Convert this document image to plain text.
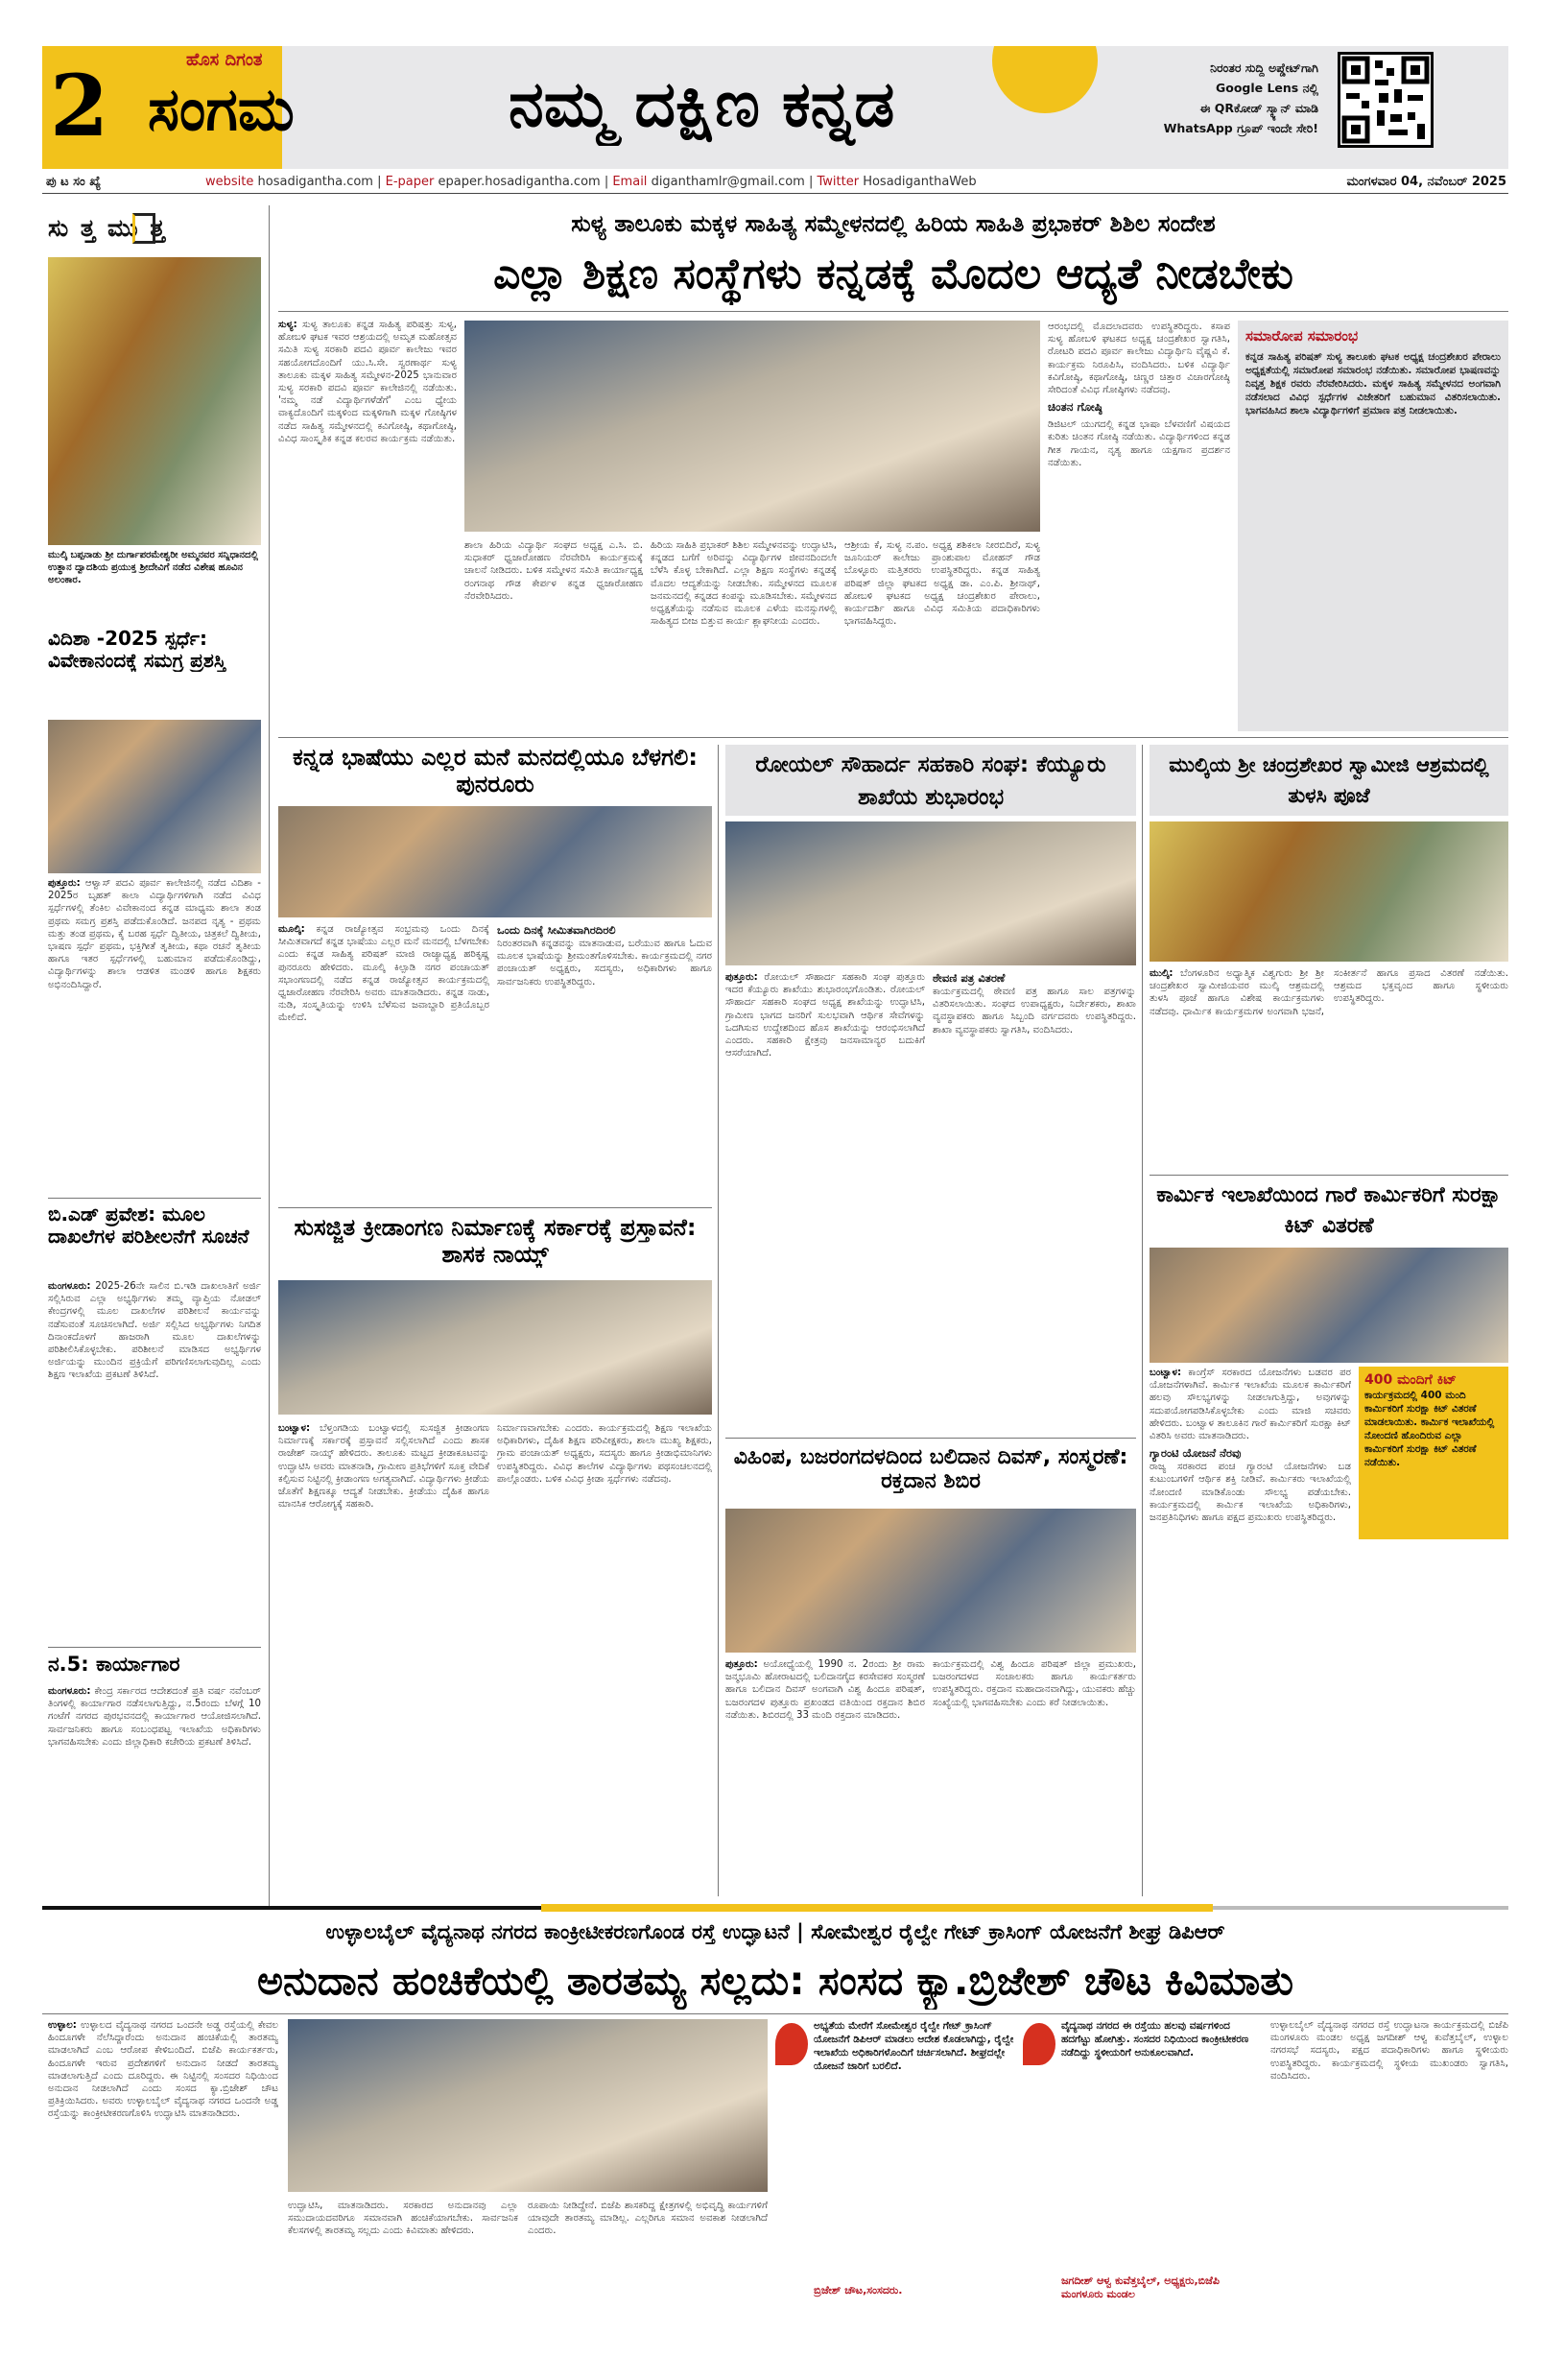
2	ಹೊಸ ದಿಗಂತ
ಸಂಗಮ	ನಮ್ಮ ದಕ್ಷಿಣ ಕನ್ನಡ	ನಿರಂತರ ಸುದ್ದಿ ಅಪ್ಡೇಟ್‌ಗಾಗಿ
Google Lens ನಲ್ಲಿ
ಈ QRಕೋಡ್ ಸ್ಕ್ಯಾನ್ ಮಾಡಿ
WhatsApp ಗ್ರೂಪ್ ಇಂದೇ ಸೇರಿ!
ಪು ಟ ಸಂ ಖ್ಯೆ	website hosadigantha.com | E-paper epaper.hosadigantha.com | Email diganthamlr@gmail.com | Twitter HosadiganthaWeb	ಮಂಗಳವಾರ 04, ನವೆಂಬರ್ 2025
ಸು ತ್ತ ಮು ತ್ತ
ಮುಲ್ಕಿ ಬಪ್ಪನಾಡು ಶ್ರೀ ದುರ್ಗಾಪರಮೇಶ್ವರೀ ಅಮ್ಮನವರ ಸನ್ನಿಧಾನದಲ್ಲಿ ಉತ್ಥಾನ ದ್ವಾದಶಿಯ ಪ್ರಯುಕ್ತ ಶ್ರೀದೇವಿಗೆ ನಡೆದ ವಿಶೇಷ ಹೂವಿನ ಅಲಂಕಾರ.
ವಿದಿಶಾ -2025 ಸ್ಪರ್ಧೆ: ವಿವೇಕಾನಂದಕ್ಕೆ ಸಮಗ್ರ ಪ್ರಶಸ್ತಿ
ಪುತ್ತೂರು: ಆಳ್ವಾಸ್ ಪದವಿ ಪೂರ್ವ ಕಾಲೇಜಿನಲ್ಲಿ ನಡೆದ ವಿದಿಶಾ - 2025ರ ಬೃಹತ್ ಕಾಲಾ ವಿದ್ಯಾರ್ಥಿಗಳಿಗಾಗಿ ನಡೆದ ವಿವಿಧ ಸ್ಪರ್ಧೆಗಳಲ್ಲಿ ತೆಂಕಿಲ ವಿವೇಕಾನಂದ ಕನ್ನಡ ಮಾಧ್ಯಮ ಶಾಲಾ ತಂಡ ಪ್ರಥಮ ಸಮಗ್ರ ಪ್ರಶಸ್ತಿ ಪಡೆದುಕೊಂಡಿದೆ. ಜನಪದ ನೃತ್ಯ - ಪ್ರಥಮ ಮತ್ತು ತಂಡ ಪ್ರಥಮ, ಕೈ ಬರಹ ಸ್ಪರ್ಧೆ ದ್ವಿತೀಯ, ಚಿತ್ರಕಲೆ ದ್ವಿತೀಯ, ಭಾಷಣ ಸ್ಪರ್ಧೆ ಪ್ರಥಮ, ಭಕ್ತಿಗೀತೆ ತೃತೀಯ, ಕಥಾ ರಚನೆ ತೃತೀಯ ಹಾಗೂ ಇತರ ಸ್ಪರ್ಧೆಗಳಲ್ಲಿ ಬಹುಮಾನ ಪಡೆದುಕೊಂಡಿದ್ದು, ವಿದ್ಯಾರ್ಥಿಗಳನ್ನು ಶಾಲಾ ಆಡಳಿತ ಮಂಡಳಿ ಹಾಗೂ ಶಿಕ್ಷಕರು ಅಭಿನಂದಿಸಿದ್ದಾರೆ.
ಬಿ.ಎಡ್ ಪ್ರವೇಶ: ಮೂಲ ದಾಖಲೆಗಳ ಪರಿಶೀಲನೆಗೆ ಸೂಚನೆ
ಮಂಗಳೂರು: 2025-26ನೇ ಸಾಲಿನ ಬಿ.ಇಡಿ ದಾಖಲಾತಿಗೆ ಅರ್ಜಿ ಸಲ್ಲಿಸಿರುವ ಎಲ್ಲಾ ಅಭ್ಯರ್ಥಿಗಳು ತಮ್ಮ ವ್ಯಾಪ್ತಿಯ ನೋಡಲ್ ಕೇಂದ್ರಗಳಲ್ಲಿ ಮೂಲ ದಾಖಲೆಗಳ ಪರಿಶೀಲನೆ ಕಾರ್ಯವನ್ನು ನಡೆಸುವಂತೆ ಸೂಚಿಸಲಾಗಿದೆ. ಅರ್ಜಿ ಸಲ್ಲಿಸಿದ ಅಭ್ಯರ್ಥಿಗಳು ನಿಗದಿತ ದಿನಾಂಕದೊಳಗೆ ಹಾಜರಾಗಿ ಮೂಲ ದಾಖಲೆಗಳನ್ನು ಪರಿಶೀಲಿಸಿಕೊಳ್ಳಬೇಕು. ಪರಿಶೀಲನೆ ಮಾಡಿಸದ ಅಭ್ಯರ್ಥಿಗಳ ಅರ್ಜಿಯನ್ನು ಮುಂದಿನ ಪ್ರಕ್ರಿಯೆಗೆ ಪರಿಗಣಿಸಲಾಗುವುದಿಲ್ಲ ಎಂದು ಶಿಕ್ಷಣ ಇಲಾಖೆಯ ಪ್ರಕಟಣೆ ತಿಳಿಸಿದೆ.
ನ.5: ಕಾರ್ಯಾಗಾರ
ಮಂಗಳೂರು: ಕೇಂದ್ರ ಸರ್ಕಾರದ ಆದೇಶದಂತೆ ಪ್ರತಿ ವರ್ಷ ನವೆಂಬರ್ ತಿಂಗಳಲ್ಲಿ ಕಾರ್ಯಾಗಾರ ನಡೆಸಲಾಗುತ್ತಿದ್ದು, ನ.5ರಂದು ಬೆಳಗ್ಗೆ 10 ಗಂಟೆಗೆ ನಗರದ ಪುರಭವನದಲ್ಲಿ ಕಾರ್ಯಾಗಾರ ಆಯೋಜಿಸಲಾಗಿದೆ. ಸಾರ್ವಜನಿಕರು ಹಾಗೂ ಸಂಬಂಧಪಟ್ಟ ಇಲಾಖೆಯ ಅಧಿಕಾರಿಗಳು ಭಾಗವಹಿಸಬೇಕು ಎಂದು ಜಿಲ್ಲಾಧಿಕಾರಿ ಕಚೇರಿಯ ಪ್ರಕಟಣೆ ತಿಳಿಸಿದೆ.
ಸುಳ್ಯ ತಾಲೂಕು ಮಕ್ಕಳ ಸಾಹಿತ್ಯ ಸಮ್ಮೇಳನದಲ್ಲಿ ಹಿರಿಯ ಸಾಹಿತಿ ಪ್ರಭಾಕರ್ ಶಿಶಿಲ ಸಂದೇಶ
ಎಲ್ಲಾ ಶಿಕ್ಷಣ ಸಂಸ್ಥೆಗಳು ಕನ್ನಡಕ್ಕೆ ಮೊದಲ ಆದ್ಯತೆ ನೀಡಬೇಕು
ಸುಳ್ಯ: ಸುಳ್ಯ ತಾಲೂಕು ಕನ್ನಡ ಸಾಹಿತ್ಯ ಪರಿಷತ್ತು ಸುಳ್ಯ, ಹೋಬಳಿ ಘಟಕ ಇವರ ಆಶ್ರಯದಲ್ಲಿ ಅಮೃತ ಮಹೋತ್ಸವ ಸಮಿತಿ ಸುಳ್ಯ ಸರಕಾರಿ ಪದವಿ ಪೂರ್ವ ಕಾಲೇಜು ಇವರ ಸಹಯೋಗದೊಂದಿಗೆ ಯು.ಸಿ.ಸೇ. ಸ್ವರಣಾರ್ಥ ಸುಳ್ಯ ತಾಲೂಕು ಮಕ್ಕಳ ಸಾಹಿತ್ಯ ಸಮ್ಮೇಳನ-2025 ಭಾನುವಾರ ಸುಳ್ಯ ಸರಕಾರಿ ಪದವಿ ಪೂರ್ವ ಕಾಲೇಜಿನಲ್ಲಿ ನಡೆಯಿತು. 'ನಮ್ಮ ನಡೆ ವಿದ್ಯಾರ್ಥಿಗಳೆಡೆಗೆ' ಎಂಬ ಧ್ಯೇಯ ವಾಕ್ಯದೊಂದಿಗೆ ಮಕ್ಕಳಿಂದ ಮಕ್ಕಳಿಗಾಗಿ ಮಕ್ಕಳ ಗೋಷ್ಠಿಗಳ ನಡೆದ ಸಾಹಿತ್ಯ ಸಮ್ಮೇಳನದಲ್ಲಿ ಕವಿಗೋಷ್ಠಿ, ಕಥಾಗೋಷ್ಠಿ, ವಿವಿಧ ಸಾಂಸ್ಕೃತಿಕ ಕನ್ನಡ ಕಲರವ ಕಾರ್ಯಕ್ರಮ ನಡೆಯಿತು.
ಶಾಲಾ ಹಿರಿಯ ವಿದ್ಯಾರ್ಥಿ ಸಂಘದ ಅಧ್ಯಕ್ಷ ಎ.ಸಿ. ಬಿ. ಸುಧಾಕರ್ ಧ್ವಜಾರೋಹಣ ನೆರವೇರಿಸಿ ಕಾರ್ಯಕ್ರಮಕ್ಕೆ ಚಾಲನೆ ನೀಡಿದರು. ಬಳಿಕ ಸಮ್ಮೇಳನ ಸಮಿತಿ ಕಾರ್ಯಾಧ್ಯಕ್ಷ ರಂಗನಾಥ ಗೌಡ ಕೇರ್ಪಳ ಕನ್ನಡ ಧ್ವಜಾರೋಹಣ ನೆರವೇರಿಸಿದರು.
ಹಿರಿಯ ಸಾಹಿತಿ ಪ್ರಭಾಕರ್ ಶಿಶಿಲ ಸಮ್ಮೇಳನವನ್ನು ಉದ್ಘಾಟಿಸಿ, ಕನ್ನಡದ ಬಗೆಗೆ ಅರಿವನ್ನು ವಿದ್ಯಾರ್ಥಿಗಳ ಜೀವನದಿಂದಲೇ ಬೆಳೆಸಿ ಕೊಳ್ಳ ಬೇಕಾಗಿದೆ. ಎಲ್ಲಾ ಶಿಕ್ಷಣ ಸಂಸ್ಥೆಗಳು ಕನ್ನಡಕ್ಕೆ ಮೊದಲ ಆದ್ಯತೆಯನ್ನು ನೀಡಬೇಕು. ಸಮ್ಮೇಳನದ ಮೂಲಕ ಜನಮನದಲ್ಲಿ ಕನ್ನಡದ ಕಂಪನ್ನು ಮೂಡಿಸಬೇಕು. ಸಮ್ಮೇಳನದ ಅಧ್ಯಕ್ಷತೆಯನ್ನು ನಡೆಸುವ ಮೂಲಕ ಎಳೆಯ ಮನಸ್ಸುಗಳಲ್ಲಿ ಸಾಹಿತ್ಯದ ಬೀಜ ಬಿತ್ತುವ ಕಾರ್ಯ ಶ್ಲಾಘನೀಯ ಎಂದರು.
ಆಶ್ರೀಯ ಕೆ, ಸುಳ್ಯ ನ.ಪಂ. ಅಧ್ಯಕ್ಷ ಶಶಿಕಲಾ ನೀರಬಿದಿರೆ, ಸುಳ್ಯ ಜೂನಿಯರ್ ಕಾಲೇಜು ಪ್ರಾಂಶುಪಾಲ ಮೋಹನ್ ಗೌಡ ಬೊಳ್ಳೂರು ಮತ್ತಿತರರು ಉಪಸ್ಥಿತರಿದ್ದರು. ಕನ್ನಡ ಸಾಹಿತ್ಯ ಪರಿಷತ್ ಜಿಲ್ಲಾ ಘಟಕದ ಅಧ್ಯಕ್ಷ ಡಾ. ಎಂ.ಪಿ. ಶ್ರೀನಾಥ್, ಹೋಬಳಿ ಘಟಕದ ಅಧ್ಯಕ್ಷ ಚಂದ್ರಶೇಖರ ಪೇರಾಲು, ಕಾರ್ಯದರ್ಶಿ ಹಾಗೂ ವಿವಿಧ ಸಮಿತಿಯ ಪದಾಧಿಕಾರಿಗಳು ಭಾಗವಹಿಸಿದ್ದರು.
ಆರಂಭದಲ್ಲಿ ಮೊದಲಾದವರು ಉಪಸ್ಥಿತರಿದ್ದರು. ಕಸಾಪ ಸುಳ್ಯ ಹೋಬಳಿ ಘಟಕದ ಅಧ್ಯಕ್ಷ ಚಂದ್ರಶೇಖರ ಸ್ವಾಗತಿಸಿ, ರೋಟರಿ ಪದವಿ ಪೂರ್ವ ಕಾಲೇಜು ವಿದ್ಯಾರ್ಥಿನಿ ವೈಷ್ಣವಿ ಕೆ. ಕಾರ್ಯಕ್ರಮ ನಿರೂಪಿಸಿ, ವಂದಿಸಿದರು. ಬಳಿಕ ವಿದ್ಯಾರ್ಥಿ ಕವಿಗೋಷ್ಠಿ, ಕಥಾಗೋಷ್ಠಿ, ಚಿಣ್ಣರ ಚಿತ್ತಾರ ವಿಚಾರಗೋಷ್ಠಿ ಸೇರಿದಂತೆ ವಿವಿಧ ಗೋಷ್ಠಿಗಳು ನಡೆದವು.
ಚಿಂತನ ಗೋಷ್ಠಿ
ಡಿಜಿಟಲ್ ಯುಗದಲ್ಲಿ ಕನ್ನಡ ಭಾಷಾ ಬೆಳವಣಿಗೆ ವಿಷಯದ ಕುರಿತು ಚಿಂತನ ಗೋಷ್ಠಿ ನಡೆಯಿತು. ವಿದ್ಯಾರ್ಥಿಗಳಿಂದ ಕನ್ನಡ ಗೀತ ಗಾಯನ, ನೃತ್ಯ ಹಾಗೂ ಯಕ್ಷಗಾನ ಪ್ರದರ್ಶನ ನಡೆಯಿತು.
ಸಮಾರೋಪ ಸಮಾರಂಭ
ಕನ್ನಡ ಸಾಹಿತ್ಯ ಪರಿಷತ್ ಸುಳ್ಯ ತಾಲೂಕು ಘಟಕ ಅಧ್ಯಕ್ಷ ಚಂದ್ರಶೇಖರ ಪೇರಾಲು ಅಧ್ಯಕ್ಷತೆಯಲ್ಲಿ ಸಮಾರೋಪ ಸಮಾರಂಭ ನಡೆಯಿತು. ಸಮಾರೋಪ ಭಾಷಣವನ್ನು ನಿವೃತ್ತ ಶಿಕ್ಷಕ ರವರು ನೆರವೇರಿಸಿದರು. ಮಕ್ಕಳ ಸಾಹಿತ್ಯ ಸಮ್ಮೇಳನದ ಅಂಗವಾಗಿ ನಡೆಸಲಾದ ವಿವಿಧ ಸ್ಪರ್ಧೆಗಳ ವಿಜೇತರಿಗೆ ಬಹುಮಾನ ವಿತರಿಸಲಾಯಿತು. ಭಾಗವಹಿಸಿದ ಶಾಲಾ ವಿದ್ಯಾರ್ಥಿಗಳಿಗೆ ಪ್ರಮಾಣ ಪತ್ರ ನೀಡಲಾಯಿತು.
ಕನ್ನಡ ಭಾಷೆಯು ಎಲ್ಲರ ಮನೆ ಮನದಲ್ಲಿಯೂ ಬೆಳಗಲಿ: ಪುನರೂರು
ಮೂಲ್ಕಿ: ಕನ್ನಡ ರಾಜ್ಯೋತ್ಸವ ಸಂಭ್ರಮವು ಒಂದು ದಿನಕ್ಕೆ ಸೀಮಿತವಾಗದೆ ಕನ್ನಡ ಭಾಷೆಯು ಎಲ್ಲರ ಮನೆ ಮನದಲ್ಲಿ ಬೆಳಗಬೇಕು ಎಂದು ಕನ್ನಡ ಸಾಹಿತ್ಯ ಪರಿಷತ್ ಮಾಜಿ ರಾಜ್ಯಾಧ್ಯಕ್ಷ ಹರಿಕೃಷ್ಣ ಪುನರೂರು ಹೇಳಿದರು. ಮೂಲ್ಕಿ ಕಿಲ್ಪಾಡಿ ನಗರ ಪಂಚಾಯತ್ ಸಭಾಂಗಣದಲ್ಲಿ ನಡೆದ ಕನ್ನಡ ರಾಜ್ಯೋತ್ಸವ ಕಾರ್ಯಕ್ರಮದಲ್ಲಿ ಧ್ವಜಾರೋಹಣ ನೆರವೇರಿಸಿ ಅವರು ಮಾತನಾಡಿದರು. ಕನ್ನಡ ನಾಡು, ನುಡಿ, ಸಂಸ್ಕೃತಿಯನ್ನು ಉಳಿಸಿ ಬೆಳೆಸುವ ಜವಾಬ್ದಾರಿ ಪ್ರತಿಯೊಬ್ಬರ ಮೇಲಿದೆ.
ಒಂದು ದಿನಕ್ಕೆ ಸೀಮಿತವಾಗಿರದಿರಲಿ
ನಿರಂತರವಾಗಿ ಕನ್ನಡವನ್ನು ಮಾತನಾಡುವ, ಬರೆಯುವ ಹಾಗೂ ಓದುವ ಮೂಲಕ ಭಾಷೆಯನ್ನು ಶ್ರೀಮಂತಗೊಳಿಸಬೇಕು. ಕಾರ್ಯಕ್ರಮದಲ್ಲಿ ನಗರ ಪಂಚಾಯತ್ ಅಧ್ಯಕ್ಷರು, ಸದಸ್ಯರು, ಅಧಿಕಾರಿಗಳು ಹಾಗೂ ಸಾರ್ವಜನಿಕರು ಉಪಸ್ಥಿತರಿದ್ದರು.
ರೋಯಲ್ ಸೌಹಾರ್ದ ಸಹಕಾರಿ ಸಂಘ: ಕೆಯ್ಯೂರು ಶಾಖೆಯ ಶುಭಾರಂಭ
ಪುತ್ತೂರು: ರೋಯಲ್ ಸೌಹಾರ್ದ ಸಹಕಾರಿ ಸಂಘ ಪುತ್ತೂರು ಇದರ ಕೆಯ್ಯೂರು ಶಾಖೆಯು ಶುಭಾರಂಭಗೊಂಡಿತು. ರೋಯಲ್ ಸೌಹಾರ್ದ ಸಹಕಾರಿ ಸಂಘದ ಅಧ್ಯಕ್ಷ ಶಾಖೆಯನ್ನು ಉದ್ಘಾಟಿಸಿ, ಗ್ರಾಮೀಣ ಭಾಗದ ಜನರಿಗೆ ಸುಲಭವಾಗಿ ಆರ್ಥಿಕ ಸೇವೆಗಳನ್ನು ಒದಗಿಸುವ ಉದ್ದೇಶದಿಂದ ಹೊಸ ಶಾಖೆಯನ್ನು ಆರಂಭಿಸಲಾಗಿದೆ ಎಂದರು. ಸಹಕಾರಿ ಕ್ಷೇತ್ರವು ಜನಸಾಮಾನ್ಯರ ಬದುಕಿಗೆ ಆಸರೆಯಾಗಿದೆ.
ಠೇವಣಿ ಪತ್ರ ವಿತರಣೆ
ಕಾರ್ಯಕ್ರಮದಲ್ಲಿ ಠೇವಣಿ ಪತ್ರ ಹಾಗೂ ಸಾಲ ಪತ್ರಗಳನ್ನು ವಿತರಿಸಲಾಯಿತು. ಸಂಘದ ಉಪಾಧ್ಯಕ್ಷರು, ನಿರ್ದೇಶಕರು, ಶಾಖಾ ವ್ಯವಸ್ಥಾಪಕರು ಹಾಗೂ ಸಿಬ್ಬಂದಿ ವರ್ಗದವರು ಉಪಸ್ಥಿತರಿದ್ದರು. ಶಾಖಾ ವ್ಯವಸ್ಥಾಪಕರು ಸ್ವಾಗತಿಸಿ, ವಂದಿಸಿದರು.
ಮುಲ್ಕಿಯ ಶ್ರೀ ಚಂದ್ರಶೇಖರ ಸ್ವಾಮೀಜಿ ಆಶ್ರಮದಲ್ಲಿ ತುಳಸಿ ಪೂಜೆ
ಮುಲ್ಕಿ: ಬೆಂಗಳೂರಿನ ಅಧ್ಯಾತ್ಮಿಕ ವಿಶ್ವಗುರು ಶ್ರೀ ಶ್ರೀ ಚಂದ್ರಶೇಖರ ಸ್ವಾಮೀಜಿಯವರ ಮುಲ್ಕಿ ಆಶ್ರಮದಲ್ಲಿ ತುಳಸಿ ಪೂಜೆ ಹಾಗೂ ವಿಶೇಷ ಕಾರ್ಯಕ್ರಮಗಳು ನಡೆದವು. ಧಾರ್ಮಿಕ ಕಾರ್ಯಕ್ರಮಗಳ ಅಂಗವಾಗಿ ಭಜನೆ, ಸಂಕೀರ್ತನೆ ಹಾಗೂ ಪ್ರಸಾದ ವಿತರಣೆ ನಡೆಯಿತು. ಆಶ್ರಮದ ಭಕ್ತವೃಂದ ಹಾಗೂ ಸ್ಥಳೀಯರು ಉಪಸ್ಥಿತರಿದ್ದರು.
ಕಾರ್ಮಿಕ ಇಲಾಖೆಯಿಂದ ಗಾರೆ ಕಾರ್ಮಿಕರಿಗೆ ಸುರಕ್ಷಾ ಕಿಟ್ ವಿತರಣೆ
400 ಮಂದಿಗೆ ಕಿಟ್
ಕಾರ್ಯಕ್ರಮದಲ್ಲಿ 400 ಮಂದಿ ಕಾರ್ಮಿಕರಿಗೆ ಸುರಕ್ಷಾ ಕಿಟ್ ವಿತರಣೆ ಮಾಡಲಾಯಿತು. ಕಾರ್ಮಿಕ ಇಲಾಖೆಯಲ್ಲಿ ನೋಂದಣಿ ಹೊಂದಿರುವ ಎಲ್ಲಾ ಕಾರ್ಮಿಕರಿಗೆ ಸುರಕ್ಷಾ ಕಿಟ್ ವಿತರಣೆ ನಡೆಯಿತು.
ಬಂಟ್ವಾಳ: ಕಾಂಗ್ರೆಸ್ ಸರಕಾರದ ಯೋಜನೆಗಳು ಬಡವರ ಪರ ಯೋಜನೆಗಳಾಗಿವೆ. ಕಾರ್ಮಿಕ ಇಲಾಖೆಯ ಮೂಲಕ ಕಾರ್ಮಿಕರಿಗೆ ಹಲವು ಸೌಲಭ್ಯಗಳನ್ನು ನೀಡಲಾಗುತ್ತಿದ್ದು, ಅವುಗಳನ್ನು ಸದುಪಯೋಗಪಡಿಸಿಕೊಳ್ಳಬೇಕು ಎಂದು ಮಾಜಿ ಸಚಿವರು ಹೇಳಿದರು. ಬಂಟ್ವಾಳ ತಾಲೂಕಿನ ಗಾರೆ ಕಾರ್ಮಿಕರಿಗೆ ಸುರಕ್ಷಾ ಕಿಟ್ ವಿತರಿಸಿ ಅವರು ಮಾತನಾಡಿದರು.
ಗ್ಯಾರಂಟಿ ಯೋಜನೆ ನೆರವು
ರಾಜ್ಯ ಸರಕಾರದ ಪಂಚ ಗ್ಯಾರಂಟಿ ಯೋಜನೆಗಳು ಬಡ ಕುಟುಂಬಗಳಿಗೆ ಆರ್ಥಿಕ ಶಕ್ತಿ ನೀಡಿವೆ. ಕಾರ್ಮಿಕರು ಇಲಾಖೆಯಲ್ಲಿ ನೋಂದಣಿ ಮಾಡಿಕೊಂಡು ಸೌಲಭ್ಯ ಪಡೆಯಬೇಕು. ಕಾರ್ಯಕ್ರಮದಲ್ಲಿ ಕಾರ್ಮಿಕ ಇಲಾಖೆಯ ಅಧಿಕಾರಿಗಳು, ಜನಪ್ರತಿನಿಧಿಗಳು ಹಾಗೂ ಪಕ್ಷದ ಪ್ರಮುಖರು ಉಪಸ್ಥಿತರಿದ್ದರು.
ಸುಸಜ್ಜಿತ ಕ್ರೀಡಾಂಗಣ ನಿರ್ಮಾಣಕ್ಕೆ ಸರ್ಕಾರಕ್ಕೆ ಪ್ರಸ್ತಾವನೆ: ಶಾಸಕ ನಾಯ್ಕ್
ಬಂಟ್ವಾಳ: ಬೆಳ್ತಂಗಡಿಯ ಬಂಟ್ವಾಳದಲ್ಲಿ ಸುಸಜ್ಜಿತ ಕ್ರೀಡಾಂಗಣ ನಿರ್ಮಾಣಕ್ಕೆ ಸರ್ಕಾರಕ್ಕೆ ಪ್ರಸ್ತಾವನೆ ಸಲ್ಲಿಸಲಾಗಿದೆ ಎಂದು ಶಾಸಕ ರಾಜೇಶ್ ನಾಯ್ಕ್ ಹೇಳಿದರು. ತಾಲೂಕು ಮಟ್ಟದ ಕ್ರೀಡಾಕೂಟವನ್ನು ಉದ್ಘಾಟಿಸಿ ಅವರು ಮಾತನಾಡಿ, ಗ್ರಾಮೀಣ ಪ್ರತಿಭೆಗಳಿಗೆ ಸೂಕ್ತ ವೇದಿಕೆ ಕಲ್ಪಿಸುವ ನಿಟ್ಟಿನಲ್ಲಿ ಕ್ರೀಡಾಂಗಣ ಅಗತ್ಯವಾಗಿದೆ. ವಿದ್ಯಾರ್ಥಿಗಳು ಕ್ರೀಡೆಯ ಜೊತೆಗೆ ಶಿಕ್ಷಣಕ್ಕೂ ಆದ್ಯತೆ ನೀಡಬೇಕು. ಕ್ರೀಡೆಯು ದೈಹಿಕ ಹಾಗೂ ಮಾನಸಿಕ ಆರೋಗ್ಯಕ್ಕೆ ಸಹಕಾರಿ.
ನಿರ್ಮಾಣವಾಗಬೇಕು ಎಂದರು. ಕಾರ್ಯಕ್ರಮದಲ್ಲಿ ಶಿಕ್ಷಣ ಇಲಾಖೆಯ ಅಧಿಕಾರಿಗಳು, ದೈಹಿಕ ಶಿಕ್ಷಣ ಪರಿವೀಕ್ಷಕರು, ಶಾಲಾ ಮುಖ್ಯ ಶಿಕ್ಷಕರು, ಗ್ರಾಮ ಪಂಚಾಯತ್ ಅಧ್ಯಕ್ಷರು, ಸದಸ್ಯರು ಹಾಗೂ ಕ್ರೀಡಾಭಿಮಾನಿಗಳು ಉಪಸ್ಥಿತರಿದ್ದರು. ವಿವಿಧ ಶಾಲೆಗಳ ವಿದ್ಯಾರ್ಥಿಗಳು ಪಥಸಂಚಲನದಲ್ಲಿ ಪಾಲ್ಗೊಂಡರು. ಬಳಿಕ ವಿವಿಧ ಕ್ರೀಡಾ ಸ್ಪರ್ಧೆಗಳು ನಡೆದವು.
ವಿಹಿಂಪ, ಬಜರಂಗದಳದಿಂದ ಬಲಿದಾನ ದಿವಸ್, ಸಂಸ್ಮರಣೆ: ರಕ್ತದಾನ ಶಿಬಿರ
ಪುತ್ತೂರು: ಅಯೋಧ್ಯೆಯಲ್ಲಿ 1990 ನ. 2ರಂದು ಶ್ರೀ ರಾಮ ಜನ್ಮಭೂಮಿ ಹೋರಾಟದಲ್ಲಿ ಬಲಿದಾನಗೈದ ಕರಸೇವಕರ ಸಂಸ್ಮರಣೆ ಹಾಗೂ ಬಲಿದಾನ ದಿವಸ್ ಅಂಗವಾಗಿ ವಿಶ್ವ ಹಿಂದೂ ಪರಿಷತ್, ಬಜರಂಗದಳ ಪುತ್ತೂರು ಪ್ರಖಂಡದ ವತಿಯಿಂದ ರಕ್ತದಾನ ಶಿಬಿರ ನಡೆಯಿತು. ಶಿಬಿರದಲ್ಲಿ 33 ಮಂದಿ ರಕ್ತದಾನ ಮಾಡಿದರು.
ಕಾರ್ಯಕ್ರಮದಲ್ಲಿ ವಿಶ್ವ ಹಿಂದೂ ಪರಿಷತ್ ಜಿಲ್ಲಾ ಪ್ರಮುಖರು, ಬಜರಂಗದಳದ ಸಂಚಾಲಕರು ಹಾಗೂ ಕಾರ್ಯಕರ್ತರು ಉಪಸ್ಥಿತರಿದ್ದರು. ರಕ್ತದಾನ ಮಹಾದಾನವಾಗಿದ್ದು, ಯುವಕರು ಹೆಚ್ಚು ಸಂಖ್ಯೆಯಲ್ಲಿ ಭಾಗವಹಿಸಬೇಕು ಎಂದು ಕರೆ ನೀಡಲಾಯಿತು.
ಉಳ್ಳಾಲಬೈಲ್ ವೈದ್ಯನಾಥ ನಗರದ ಕಾಂಕ್ರೀಟೀಕರಣಗೊಂಡ ರಸ್ತೆ ಉದ್ಘಾಟನೆ | ಸೋಮೇಶ್ವರ ರೈಲ್ವೇ ಗೇಟ್ ಕ್ರಾಸಿಂಗ್ ಯೋಜನೆಗೆ ಶೀಘ್ರ ಡಿಪಿಆರ್
ಅನುದಾನ ಹಂಚಿಕೆಯಲ್ಲಿ ತಾರತಮ್ಯ ಸಲ್ಲದು: ಸಂಸದ ಕ್ಯಾ.ಬ್ರಿಜೇಶ್ ಚೌಟ ಕಿವಿಮಾತು
ಉಳ್ಳಾಲ: ಉಳ್ಳಾಲದ ವೈದ್ಯನಾಥ ನಗರದ ಒಂದನೇ ಅಡ್ಡ ರಸ್ತೆಯಲ್ಲಿ ಕೇವಲ ಹಿಂದೂಗಳೇ ನೆಲೆಸಿದ್ದಾರೆಂದು ಅನುದಾನ ಹಂಚಿಕೆಯಲ್ಲಿ ತಾರತಮ್ಯ ಮಾಡಲಾಗಿದೆ ಎಂಬ ಆರೋಪ ಕೇಳಿಬಂದಿದೆ. ಬಿಜೆಪಿ ಕಾರ್ಯಕರ್ತರು, ಹಿಂದೂಗಳೇ ಇರುವ ಪ್ರದೇಶಗಳಿಗೆ ಅನುದಾನ ನೀಡದೆ ತಾರತಮ್ಯ ಮಾಡಲಾಗುತ್ತಿದೆ ಎಂದು ದೂರಿದ್ದರು. ಈ ನಿಟ್ಟಿನಲ್ಲಿ ಸಂಸದರ ನಿಧಿಯಿಂದ ಅನುದಾನ ನೀಡಲಾಗಿದೆ ಎಂದು ಸಂಸದ ಕ್ಯಾ.ಬ್ರಿಜೇಶ್ ಚೌಟ ಪ್ರತಿಕ್ರಿಯಿಸಿದರು. ಅವರು ಉಳ್ಳಾಲಬೈಲ್ ವೈದ್ಯನಾಥ ನಗರದ ಒಂದನೇ ಅಡ್ಡ ರಸ್ತೆಯನ್ನು ಕಾಂಕ್ರೀಟೀಕರಣಗೊಳಿಸಿ ಉದ್ಘಾಟಿಸಿ ಮಾತನಾಡಿದರು.
ಉದ್ಘಾಟಿಸಿ, ಮಾತನಾಡಿದರು. ಸರಕಾರದ ಅನುದಾನವು ಎಲ್ಲಾ ಸಮುದಾಯದವರಿಗೂ ಸಮಾನವಾಗಿ ಹಂಚಿಕೆಯಾಗಬೇಕು. ಸಾರ್ವಜನಿಕ ಕೆಲಸಗಳಲ್ಲಿ ತಾರತಮ್ಯ ಸಲ್ಲದು ಎಂದು ಕಿವಿಮಾತು ಹೇಳಿದರು.
ರೂಪಾಯಿ ನೀಡಿದ್ದೇನೆ. ಬಿಜೆಪಿ ಶಾಸಕರಿದ್ದ ಕ್ಷೇತ್ರಗಳಲ್ಲಿ ಅಭಿವೃದ್ಧಿ ಕಾರ್ಯಗಳಿಗೆ ಯಾವುದೇ ತಾರತಮ್ಯ ಮಾಡಿಲ್ಲ. ಎಲ್ಲರಿಗೂ ಸಮಾನ ಅವಕಾಶ ನೀಡಲಾಗಿದೆ ಎಂದರು.
ಅಭ್ಯತೆಯ ಮೇರೆಗೆ ಸೋಮೇಶ್ವರ ರೈಲ್ವೇ ಗೇಟ್ ಕ್ರಾಸಿಂಗ್ ಯೋಜನೆಗೆ ಡಿಪಿಆರ್ ಮಾಡಲು ಆದೇಶ ಕೊಡಲಾಗಿದ್ದು, ರೈಲ್ವೇ ಇಲಾಖೆಯ ಅಧಿಕಾರಿಗಳೊಂದಿಗೆ ಚರ್ಚಿಸಲಾಗಿದೆ. ಶೀಘ್ರದಲ್ಲೇ ಯೋಜನೆ ಜಾರಿಗೆ ಬರಲಿದೆ.
ಬ್ರಿಜೇಶ್ ಚೌಟ,ಸಂಸದರು.
ವೈದ್ಯನಾಥ ನಗರದ ಈ ರಸ್ತೆಯು ಹಲವು ವರ್ಷಗಳಿಂದ ಹದಗೆಟ್ಟು ಹೋಗಿತ್ತು. ಸಂಸದರ ನಿಧಿಯಿಂದ ಕಾಂಕ್ರೀಟೀಕರಣ ನಡೆದಿದ್ದು ಸ್ಥಳೀಯರಿಗೆ ಅನುಕೂಲವಾಗಿದೆ.
ಜಗದೀಶ್ ಆಳ್ವ ಕುವೆತ್ತಬೈಲ್, ಅಧ್ಯಕ್ಷರು,ಬಿಜೆಪಿ ಮಂಗಳೂರು ಮಂಡಲ
ಉಳ್ಳಾಲಬೈಲ್ ವೈದ್ಯನಾಥ ನಗರದ ರಸ್ತೆ ಉದ್ಘಾಟನಾ ಕಾರ್ಯಕ್ರಮದಲ್ಲಿ ಬಿಜೆಪಿ ಮಂಗಳೂರು ಮಂಡಲ ಅಧ್ಯಕ್ಷ ಜಗದೀಶ್ ಆಳ್ವ ಕುವೆತ್ತಬೈಲ್, ಉಳ್ಳಾಲ ನಗರಸಭೆ ಸದಸ್ಯರು, ಪಕ್ಷದ ಪದಾಧಿಕಾರಿಗಳು ಹಾಗೂ ಸ್ಥಳೀಯರು ಉಪಸ್ಥಿತರಿದ್ದರು. ಕಾರ್ಯಕ್ರಮದಲ್ಲಿ ಸ್ಥಳೀಯ ಮುಖಂಡರು ಸ್ವಾಗತಿಸಿ, ವಂದಿಸಿದರು.
